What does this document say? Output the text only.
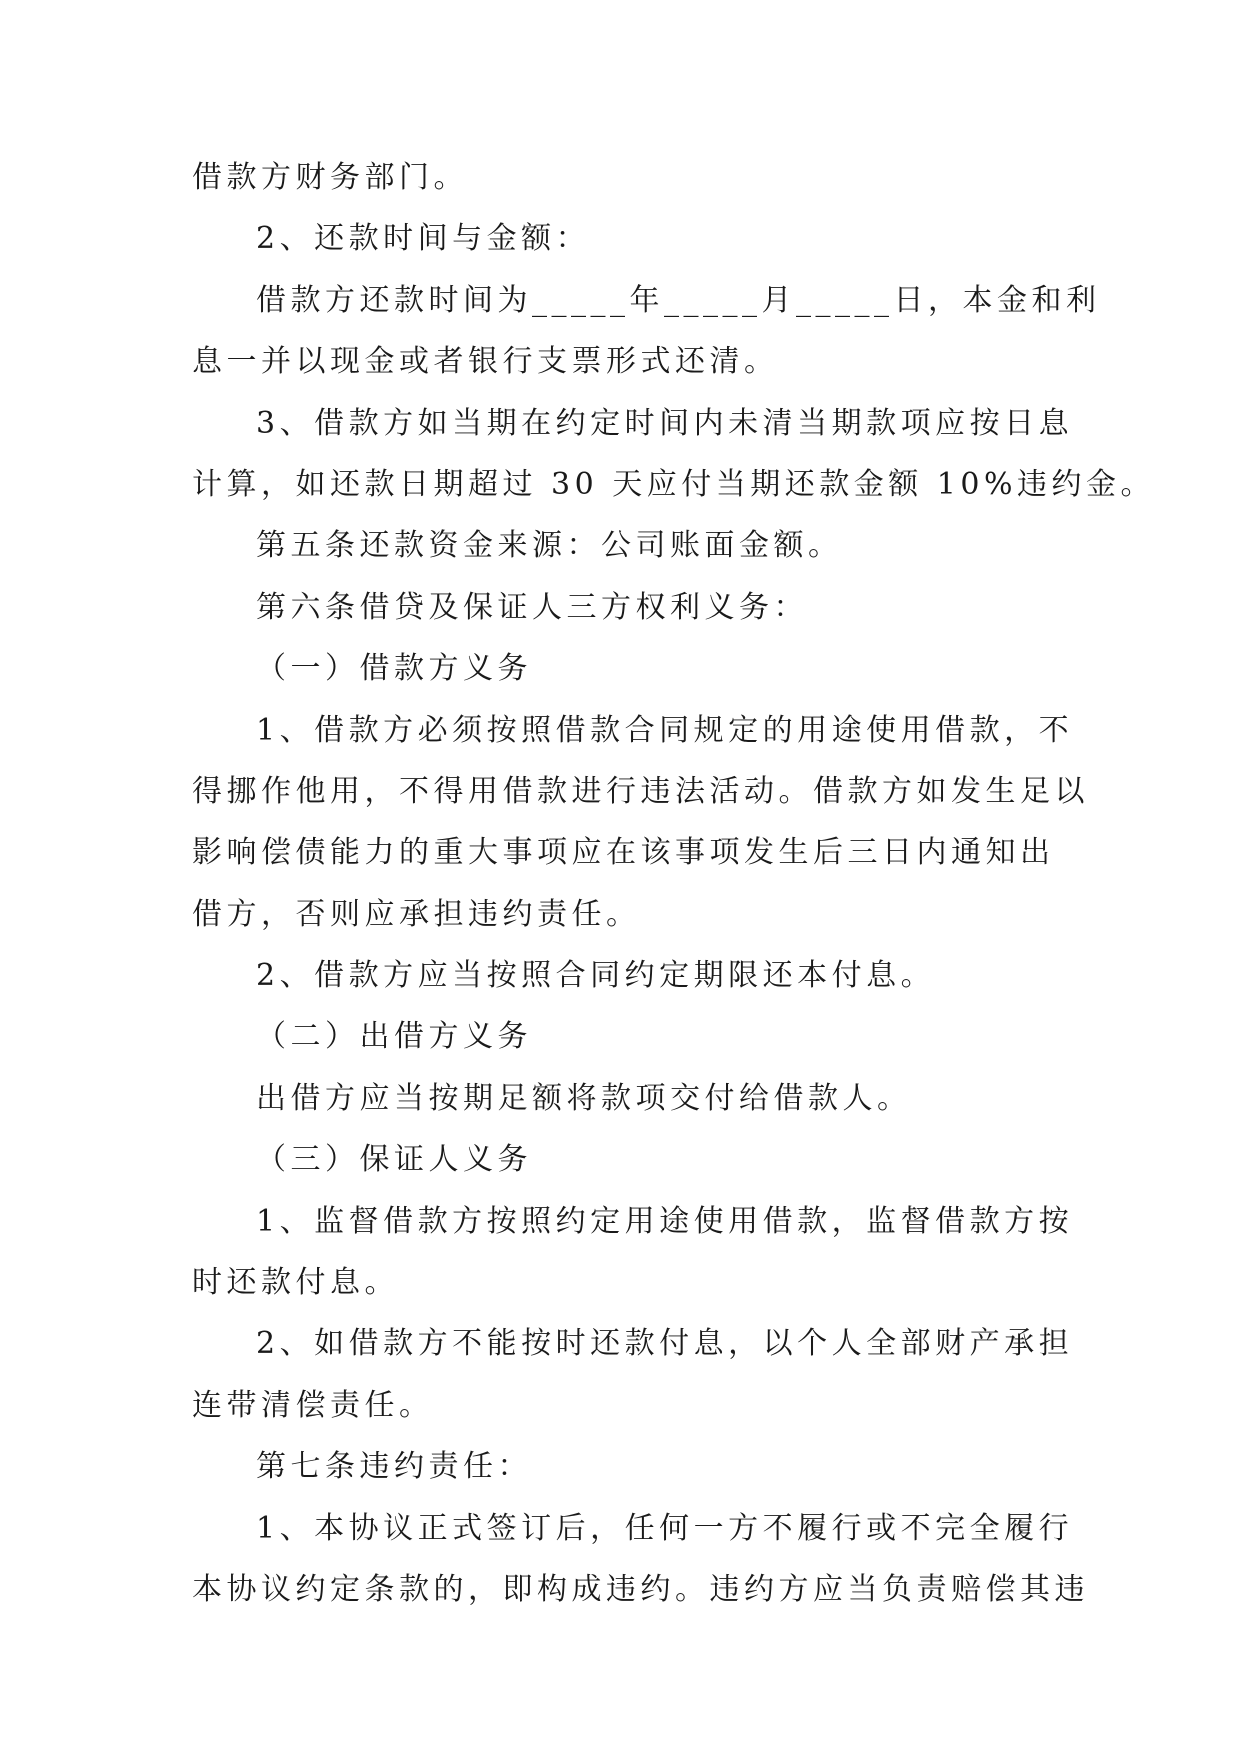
借款方财务部门。
2、还款时间与金额：
借款方还款时间为_____年_____月_____日，本金和利
息一并以现金或者银行支票形式还清。
3、借款方如当期在约定时间内未清当期款项应按日息
计算，如还款日期超过 30 天应付当期还款金额 10%违约金。
第五条还款资金来源：公司账面金额。
第六条借贷及保证人三方权利义务：
（一）借款方义务
1、借款方必须按照借款合同规定的用途使用借款，不
得挪作他用，不得用借款进行违法活动。借款方如发生足以
影响偿债能力的重大事项应在该事项发生后三日内通知出
借方，否则应承担违约责任。
2、借款方应当按照合同约定期限还本付息。
（二）出借方义务
出借方应当按期足额将款项交付给借款人。
（三）保证人义务
1、监督借款方按照约定用途使用借款，监督借款方按
时还款付息。
2、如借款方不能按时还款付息，以个人全部财产承担
连带清偿责任。
第七条违约责任：
1、本协议正式签订后，任何一方不履行或不完全履行
本协议约定条款的，即构成违约。违约方应当负责赔偿其违
